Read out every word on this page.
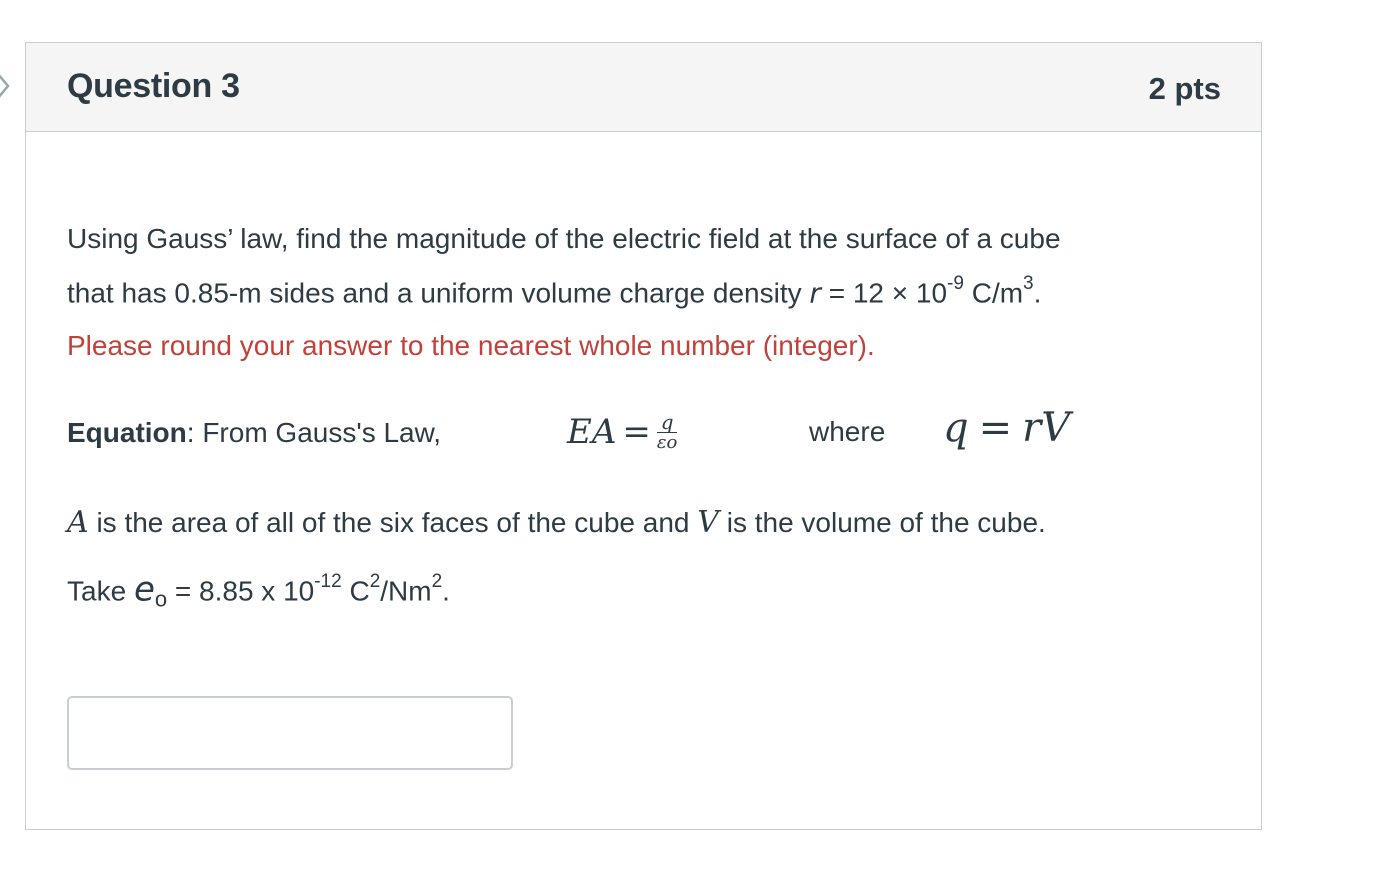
Question 3	2 pts
Using Gauss’ law, find the magnitude of the electric field at the surface of a cube
that has 0.85-m sides and a uniform volume charge density $r = 12 \times 10^{-9}$ $C/m^3$.
Please round your answer to the nearest whole number (integer).
Equation: From Gauss's Law,	EA = $\frac{q}{\varepsilon o}$	where q = rV
A is the area of all of the six faces of the cube and V is the volume of the cube.
Take $e_o = 8.85$ x $10^{-12}$ $C^2/Nm^2$.
